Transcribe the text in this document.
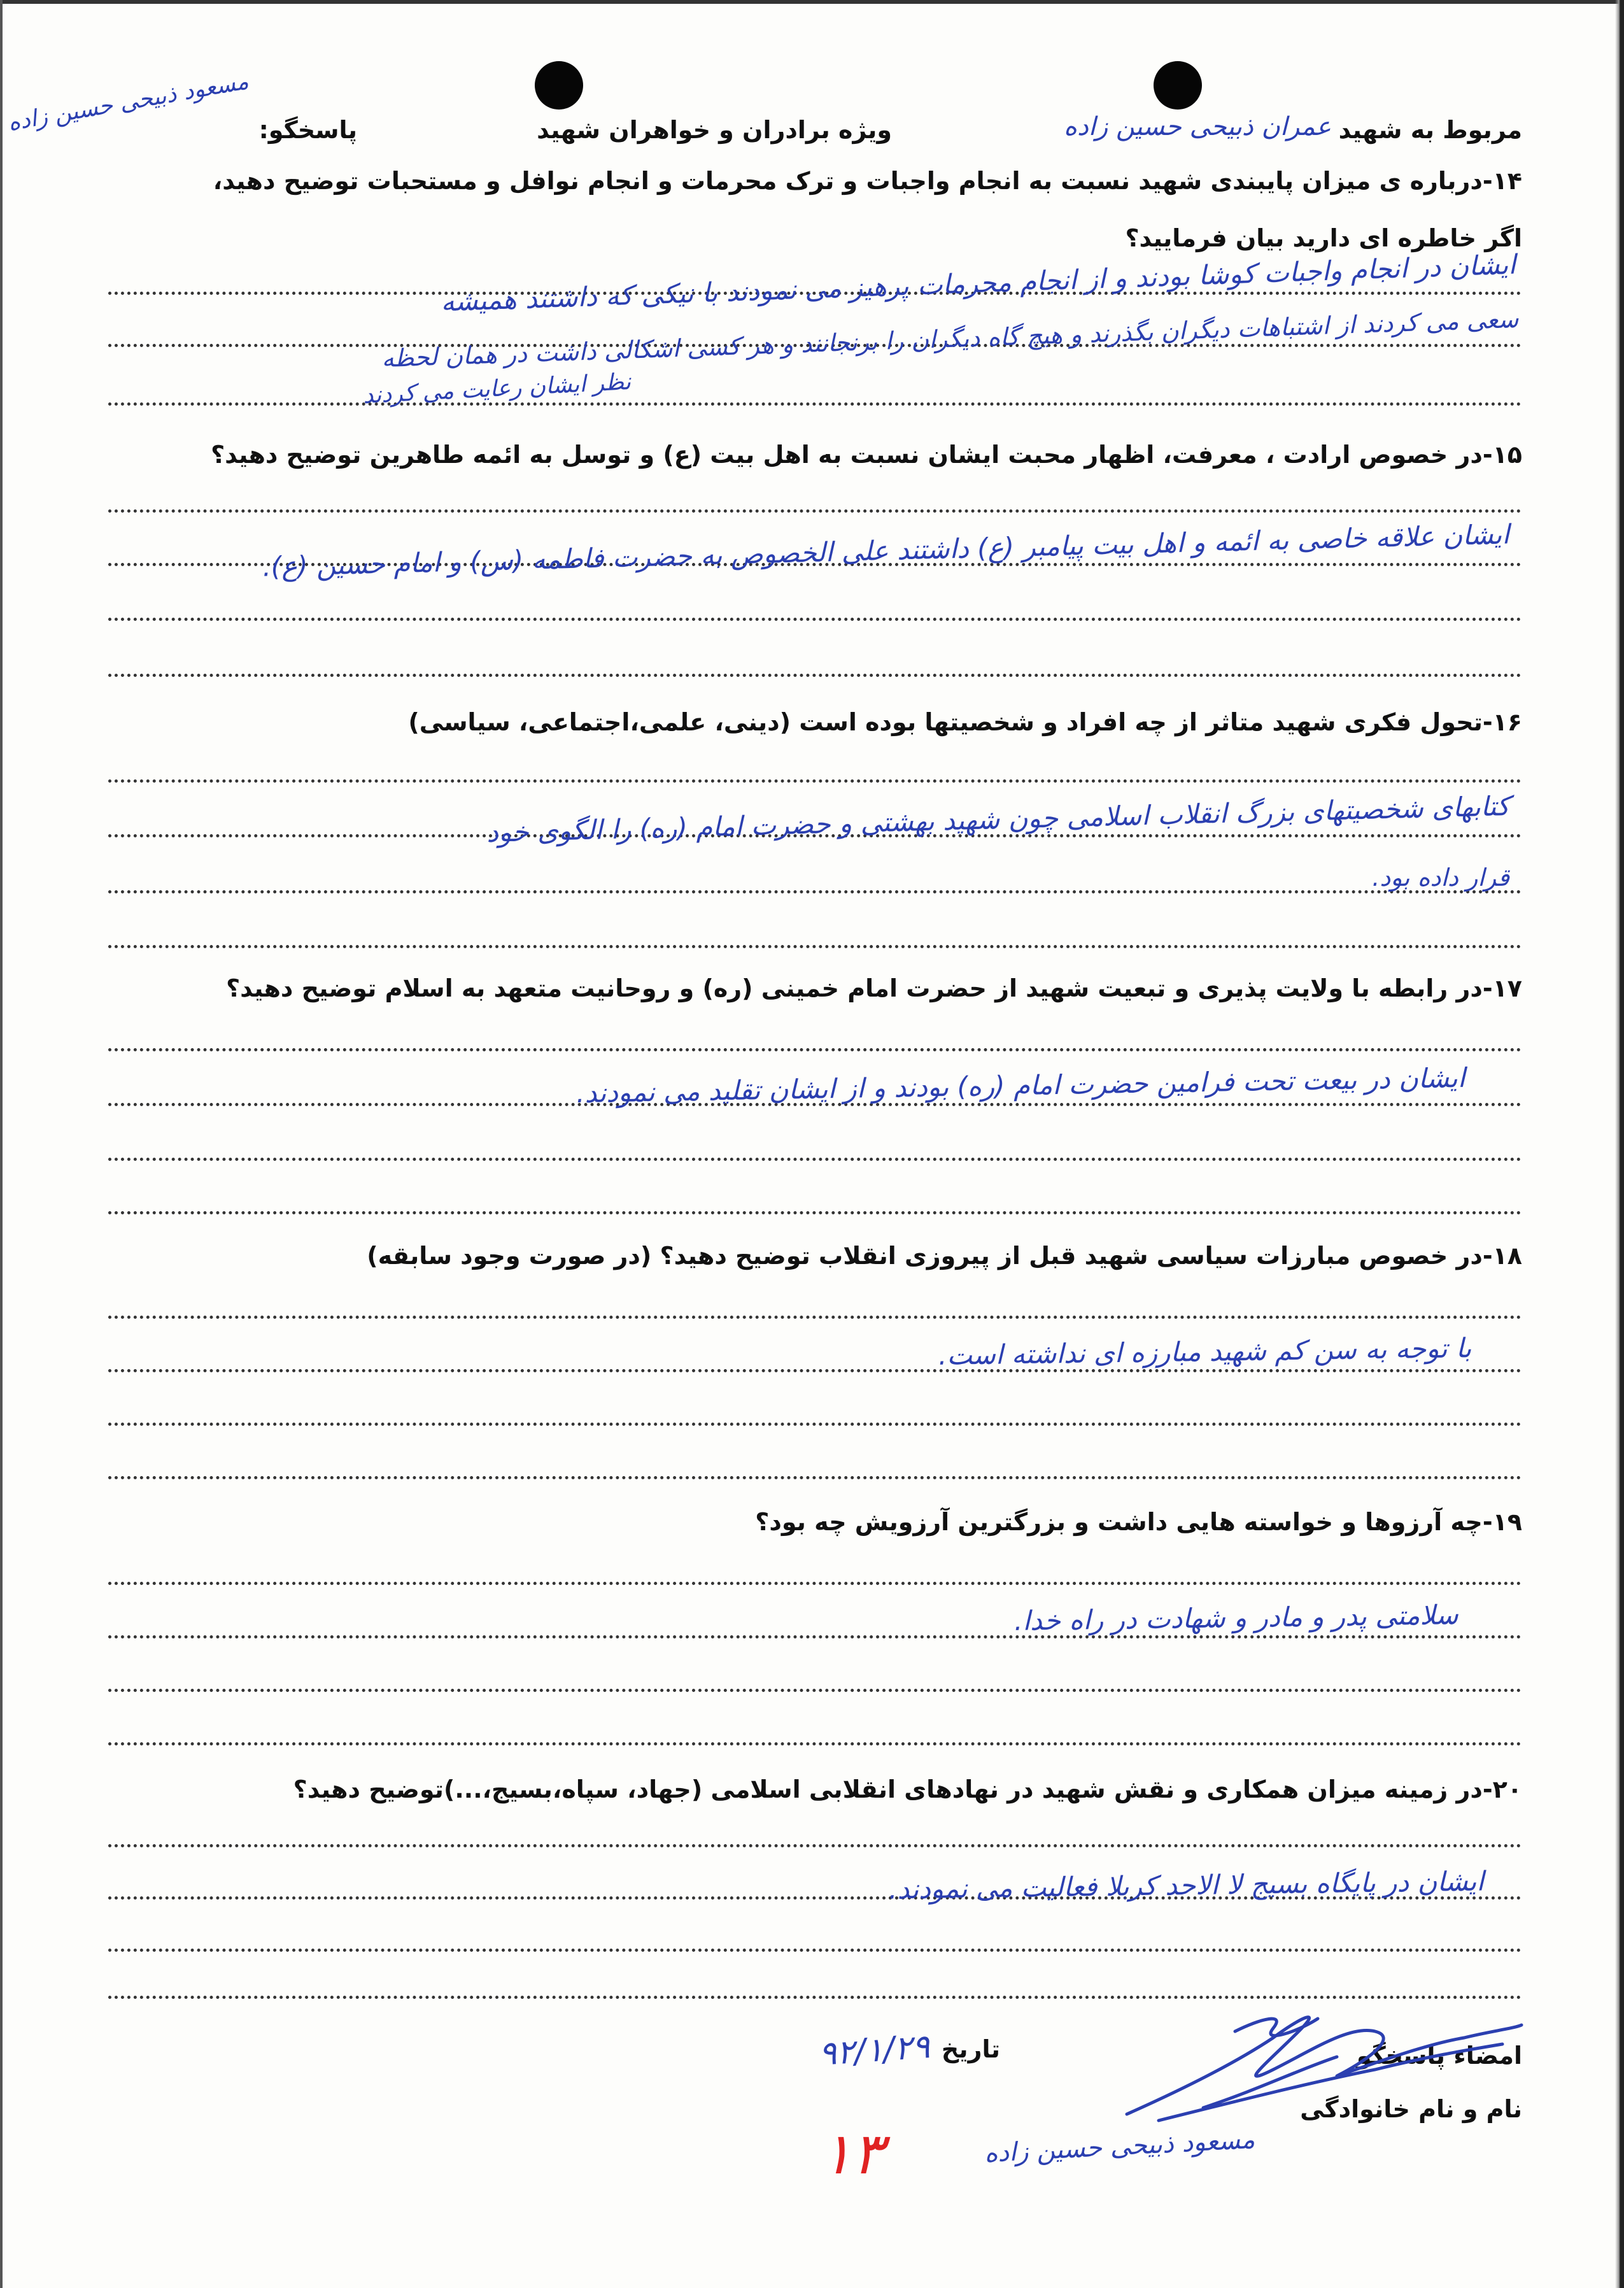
مربوط به شهید
عمران ذبیحی حسین زاده
ویژه برادران و خواهران شهید
پاسخگو:
مسعود ذبیحی حسین زاده
۱۴-درباره ی میزان پایبندی شهید نسبت به انجام واجبات و ترک محرمات و انجام نوافل و مستحبات توضیح دهید،
اگر خاطره ای دارید بیان فرمایید؟
ایشان در انجام واجبات کوشا بودند و از انجام محرمات پرهیز می نمودند با نیکی که داشتند همیشه
سعی می کردند از اشتباهات دیگران بگذرند و هیچ گاه دیگران را برنجانند و هر کسی اشکالی داشت در همان لحظه
نظر ایشان رعایت می کردند
۱۵-در خصوص ارادت ، معرفت، اظهار محبت ایشان نسبت به اهل بیت (ع) و توسل به ائمه طاهرین توضیح دهید؟
ایشان علاقه خاصی به ائمه و اهل بیت پیامبر (ع) داشتند علی الخصوص به حضرت فاطمه (س) و امام حسین (ع).
۱۶-تحول فکری شهید متاثر از چه افراد و شخصیتها بوده است (دینی، علمی،اجتماعی، سیاسی)
کتابهای شخصیتهای بزرگ انقلاب اسلامی چون شهید بهشتی و حضرت امام (ره) را الگوی خود
قرار داده بود.
۱۷-در رابطه با ولایت پذیری و تبعیت شهید از حضرت امام خمینی (ره) و روحانیت متعهد به اسلام توضیح دهید؟
ایشان در بیعت تحت فرامین حضرت امام (ره) بودند و از ایشان تقلید می نمودند.
۱۸-در خصوص مبارزات سیاسی شهید قبل از پیروزی انقلاب توضیح دهید؟ (در صورت وجود سابقه)
با توجه به سن کم شهید مبارزه ای نداشته است.
۱۹-چه آرزوها و خواسته هایی داشت و بزرگترین آرزویش چه بود؟
سلامتی پدر و مادر و شهادت در راه خدا.
۲۰-در زمینه میزان همکاری و نقش شهید در نهادهای انقلابی اسلامی (جهاد، سپاه،بسیج،...)توضیح دهید؟
ایشان در پایگاه بسیج لا الاحد کربلا فعالیت می نمودند.
امضاء پاسخگو
نام و نام خانوادگی
مسعود ذبیحی حسین زاده
تاریخ
۹۲/۱/۲۹
۱۳
